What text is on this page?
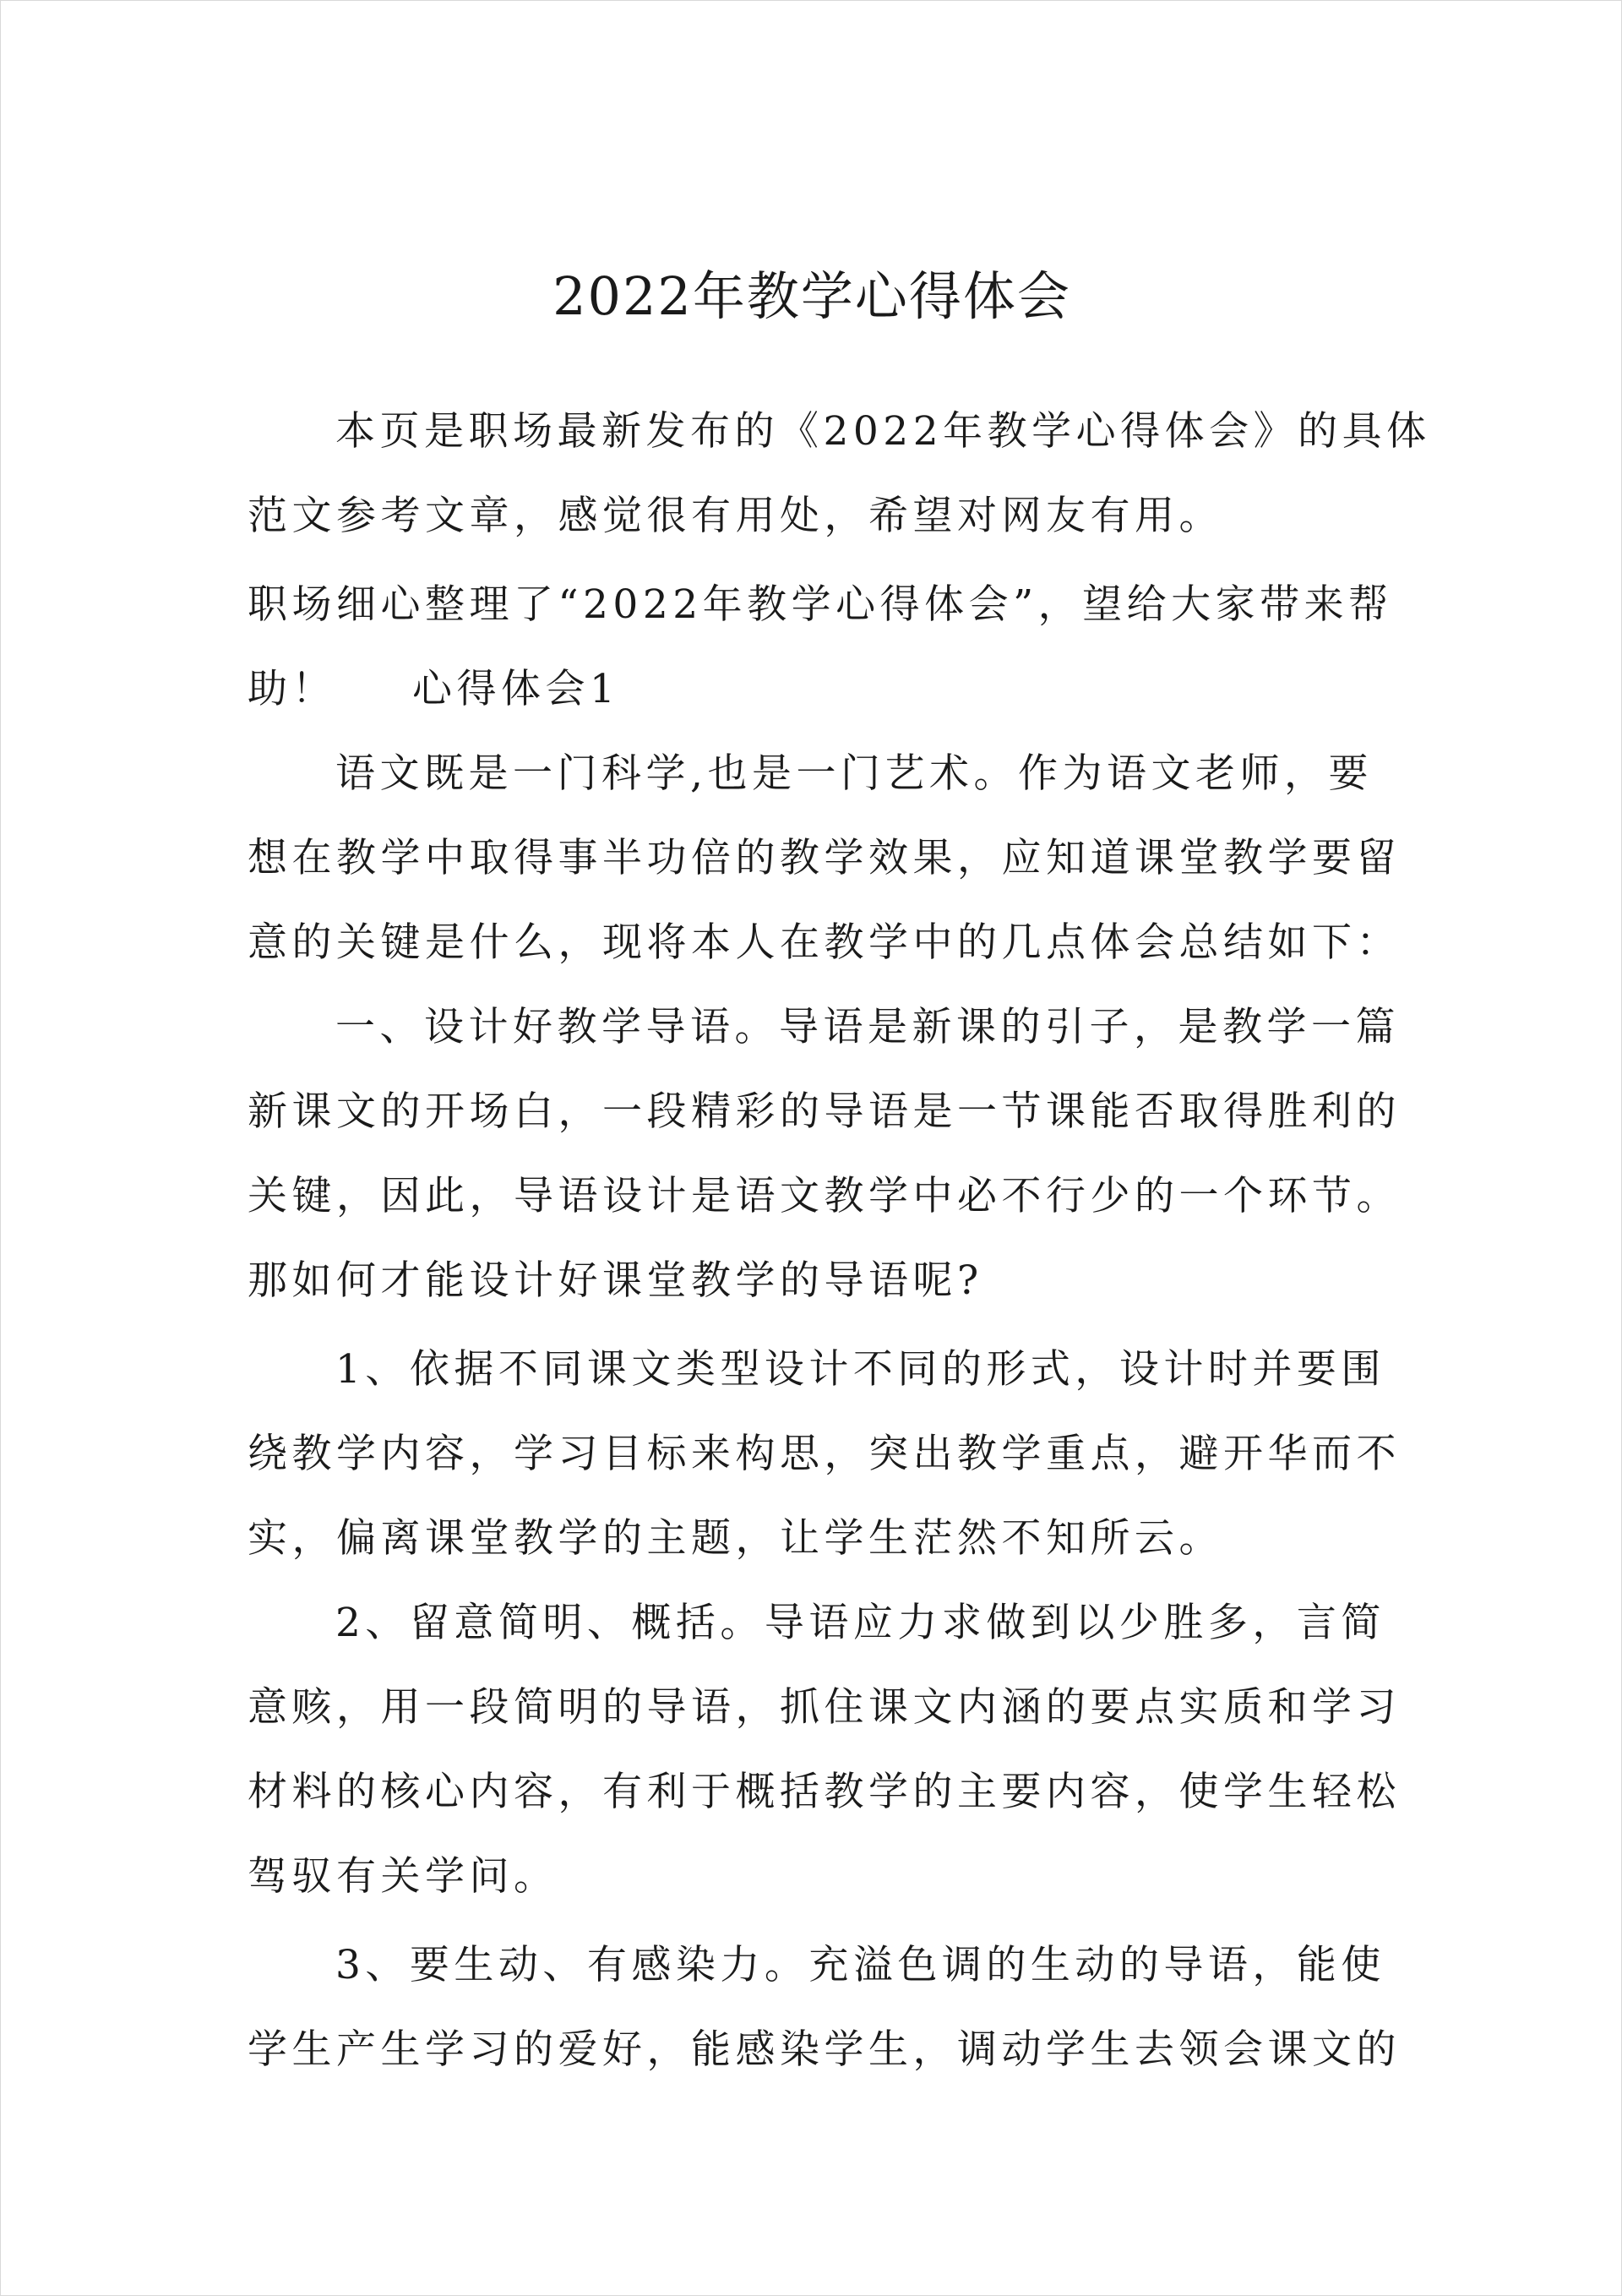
2022年教学心得体会
本页是职场最新发布的《2022年教学心得体会》的具体
范文参考文章，感觉很有用处，希望对网友有用。
职场细心整理了“2022年教学心得体会”，望给大家带来帮
助！ 心得体会1
语文既是一门科学,也是一门艺术。作为语文老师，要
想在教学中取得事半功倍的教学效果，应知道课堂教学要留
意的关键是什么，现将本人在教学中的几点体会总结如下：
一、设计好教学导语。导语是新课的引子，是教学一篇
新课文的开场白，一段精彩的导语是一节课能否取得胜利的
关键，因此，导语设计是语文教学中必不行少的一个环节。
那如何才能设计好课堂教学的导语呢?
1、依据不同课文类型设计不同的形式，设计时并要围
绕教学内容，学习目标来构思，突出教学重点，避开华而不
实，偏离课堂教学的主题，让学生茫然不知所云。
2、留意简明、概括。导语应力求做到以少胜多，言简
意赅，用一段简明的导语，抓住课文内涵的要点实质和学习
材料的核心内容，有利于概括教学的主要内容，使学生轻松
驾驭有关学问。
3、要生动、有感染力。充溢色调的生动的导语，能使
学生产生学习的爱好，能感染学生，调动学生去领会课文的
